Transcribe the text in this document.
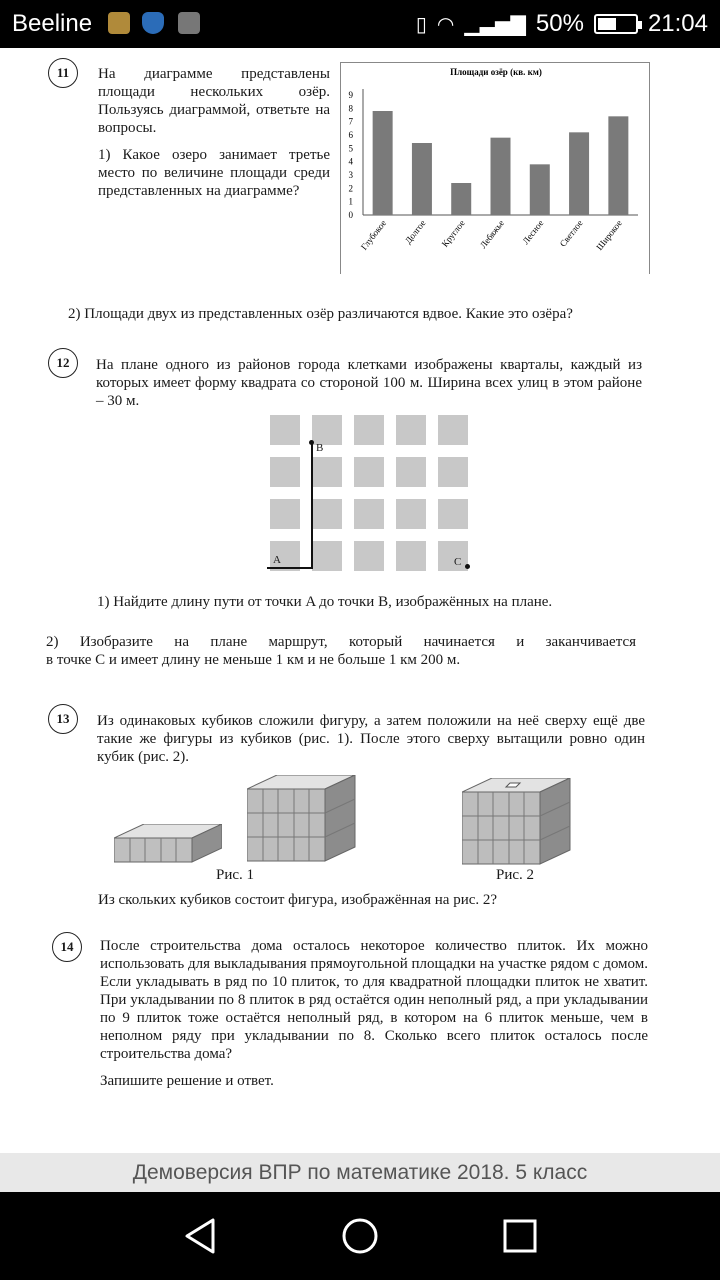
Beeline	▯ ◠ ▁▃▅▇ 50%	21:04
11	На диаграмме представлены площади нескольких озёр. Пользуясь диаграммой, ответьте на вопросы.
1) Какое озеро занимает третье место по величине площади среди представленных на диаграмме?
Площади озёр (кв. км)
0
1
2
3
4
5
6
7
8
9
Глубокое Долгое Круглое Лебяжье Лесное Светлое Широкое
2) Площади двух из представленных озёр различаются вдвое. Какие это озёра?
12	На плане одного из районов города клетками изображены кварталы, каждый из которых имеет форму квадрата со стороной 100 м. Ширина всех улиц в этом районе – 30 м.
B
A	C
1) Найдите длину пути от точки A до точки B, изображённых на плане.
2) Изобразите на плане маршрут, который начинается и заканчивается
в точке C и имеет длину не меньше 1 км и не больше 1 км 200 м.
13	Из одинаковых кубиков сложили фигуру, а затем положили на неё сверху ещё две такие же фигуры из кубиков (рис. 1). После этого сверху вытащили ровно один кубик (рис. 2).
Рис. 1	Рис. 2
Из скольких кубиков состоит фигура, изображённая на рис. 2?
14	После строительства дома осталось некоторое количество плиток. Их можно использовать для выкладывания прямоугольной площадки на участке рядом с домом. Если укладывать в ряд по 10 плиток, то для квадратной площадки плиток не хватит. При укладывании по 8 плиток в ряд остаётся один неполный ряд, а при укладывании по 9 плиток тоже остаётся неполный ряд, в котором на 6 плиток меньше, чем в неполном ряду при укладывании по 8. Сколько всего плиток осталось после строительства дома?
Запишите решение и ответ.
Демоверсия ВПР по математике 2018. 5 класс
